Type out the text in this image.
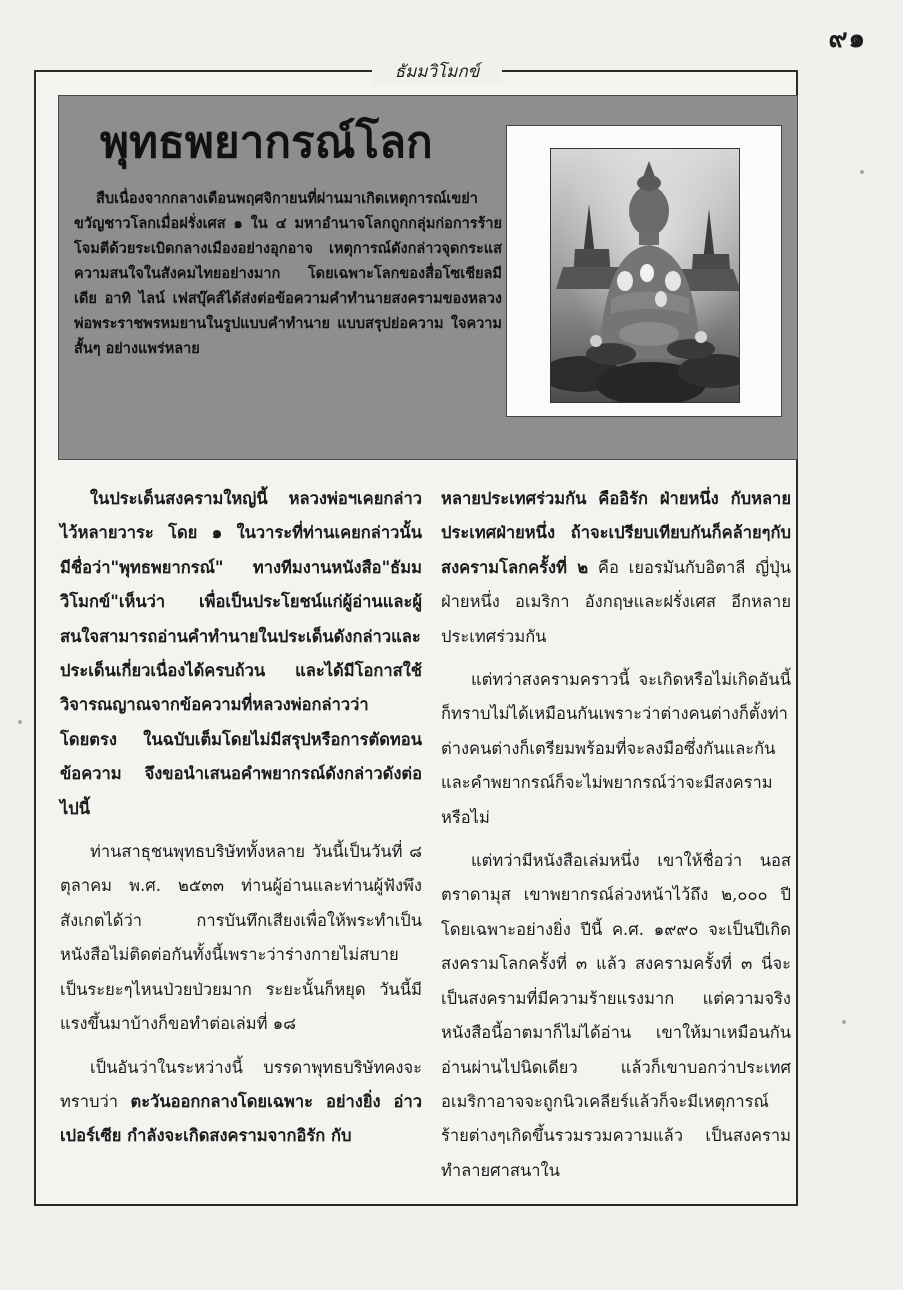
๙๑
ธัมมวิโมกข์
พุทธพยากรณ์โลก

สืบเนื่องจากกลางเดือนพฤศจิกายนที่ผ่านมาเกิดเหตุการณ์เขย่าขวัญชาวโลกเมื่อฝรั่งเศส ๑ ใน ๔ มหาอำนาจโลกถูกกลุ่มก่อการร้ายโจมตีด้วยระเบิดกลางเมืองอย่างอุกอาจ เหตุการณ์ดังกล่าวจุดกระแสความสนใจในสังคมไทยอย่างมาก โดยเฉพาะโลกของสื่อโซเชียลมีเดีย อาทิ ไลน์ เฟสบุ๊คส์ได้ส่งต่อข้อความคำทำนายสงครามของหลวงพ่อพระราชพรหมยานในรูปแบบคำทำนาย แบบสรุปย่อความ ใจความสั้นๆ อย่างแพร่หลาย

ในประเด็นสงครามใหญ่นี้ หลวงพ่อฯเคยกล่าวไว้หลายวาระ โดย ๑ ในวาระที่ท่านเคยกล่าวนั้นมีชื่อว่า"พุทธพยากรณ์" ทางทีมงานหนังสือ"ธัมมวิโมกข์"เห็นว่า เพื่อเป็นประโยชน์แก่ผู้อ่านและผู้สนใจสามารถอ่านคำทำนายในประเด็นดังกล่าวและประเด็นเกี่ยวเนื่องได้ครบถ้วน และได้มีโอกาสใช้วิจารณญาณจากข้อความที่หลวงพ่อกล่าวว่าโดยตรง ในฉบับเต็มโดยไม่มีสรุปหรือการตัดทอนข้อความ จึงขอนำเสนอคำพยากรณ์ดังกล่าวดังต่อไปนี้

ท่านสาธุชนพุทธบริษัททั้งหลาย วันนี้เป็นวันที่ ๘ ตุลาคม พ.ศ. ๒๕๓๓ ท่านผู้อ่านและท่านผู้ฟังพึงสังเกตได้ว่า การบันทึกเสียงเพื่อให้พระทำเป็นหนังสือไม่ติดต่อกันทั้งนี้เพราะว่าร่างกายไม่สบายเป็นระยะๆไหนป่วยป่วยมาก ระยะนั้นก็หยุด วันนี้มีแรงขึ้นมาบ้างก็ขอทำต่อเล่มที่ ๑๘

เป็นอันว่าในระหว่างนี้ บรรดาพุทธบริษัทคงจะทราบว่า ตะวันออกกลางโดยเฉพาะ อย่างยิ่ง อ่าวเปอร์เซีย กำลังจะเกิดสงครามจากอิรัก กับ

หลายประเทศร่วมกัน คืออิรัก ฝ่ายหนึ่ง กับหลายประเทศฝ่ายหนึ่ง ถ้าจะเปรียบเทียบกันก็คล้ายๆกับสงครามโลกครั้งที่ ๒ คือ เยอรมันกับอิตาลี ญี่ปุ่น ฝ่ายหนึ่ง อเมริกา อังกฤษและฝรั่งเศส อีกหลายประเทศร่วมกัน

แต่ทว่าสงครามคราวนี้ จะเกิดหรือไม่เกิดอันนี้ก็ทราบไม่ได้เหมือนกันเพราะว่าต่างคนต่างก็ตั้งท่า ต่างคนต่างก็เตรียมพร้อมที่จะลงมือซึ่งกันและกัน และคำพยากรณ์ก็จะไม่พยากรณ์ว่าจะมีสงคราม หรือไม่

แต่ทว่ามีหนังสือเล่มหนึ่ง เขาให้ชื่อว่า นอสตราดามุส เขาพยากรณ์ล่วงหน้าไว้ถึง ๒,๐๐๐ ปี โดยเฉพาะอย่างยิ่ง ปีนี้ ค.ศ. ๑๙๙๐ จะเป็นปีเกิด สงครามโลกครั้งที่ ๓ แล้ว สงครามครั้งที่ ๓ นี่จะเป็นสงครามที่มีความร้ายแรงมาก แต่ความจริงหนังสือนี้อาตมาก็ไม่ได้อ่าน เขาให้มาเหมือนกัน อ่านผ่านไปนิดเดียว แล้วก็เขาบอกว่าประเทศอเมริกาอาจจะถูกนิวเคลียร์แล้วก็จะมีเหตุการณ์ร้ายต่างๆเกิดขึ้นรวมรวมความแล้ว เป็นสงครามทำลายศาสนาใน
